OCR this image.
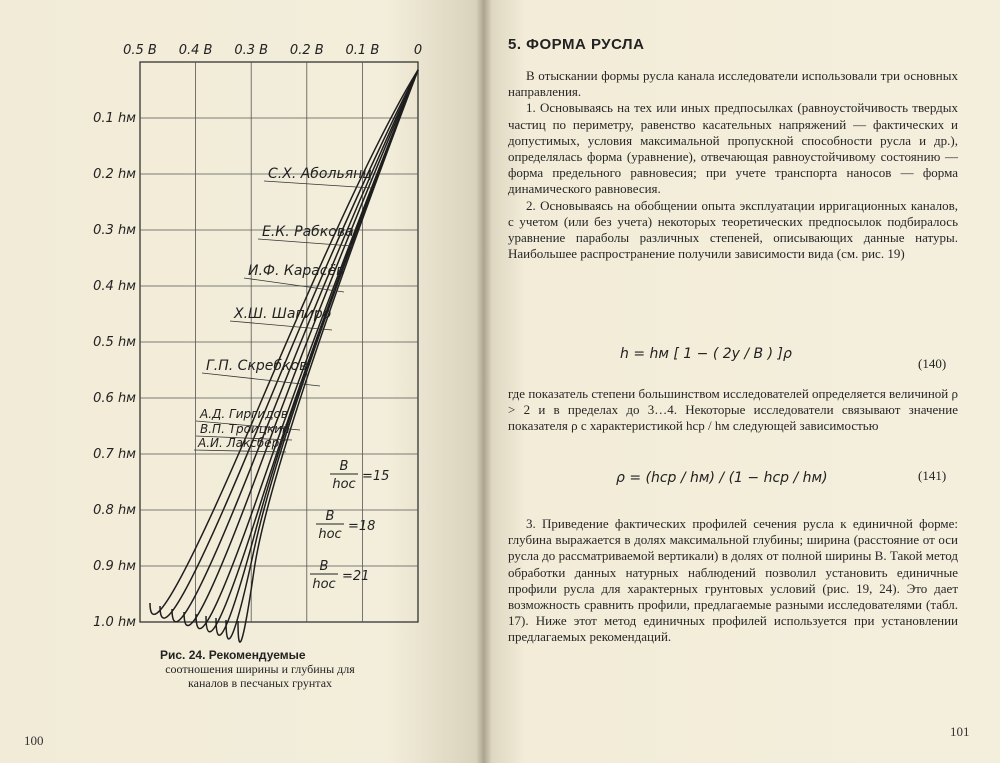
0.5 B 0.4 B 0.3 B 0.2 B 0.1 B	0
0.1 hм
0.2 hм
0.3 hм
0.4 hм
0.5 hм
0.6 hм
0.7 hм
0.8 hм
0.9 hм
1.0 hм
С.Х. Абольянц
Е.К. Рабкова
И.Ф. Карасёв
Х.Ш. Шапиро
Г.П. Скребков
А.Д. Гиргидов
В.П. Троицкий
А.И. Лаксберг
B
hос
=15
B
hос
=18
B
hос
=21
Рис. 24. Рекомендуемые
соотношения ширины и глубины для каналов в песчаных грунтах
100
5. ФОРМА РУСЛА

В отыскании формы русла канала исследователи использовали три основных направления.

1. Основываясь на тех или иных предпосылках (равноустойчивость твердых частиц по периметру, равенство касательных напряжений — фактических и допустимых, условия максимальной пропускной способности русла и др.), определялась форма (уравнение), отвечающая равноустойчивому состоянию — форма предельного равновесия; при учете транспорта наносов — форма динамического равновесия.

2. Основываясь на обобщении опыта эксплуатации ирригационных каналов, с учетом (или без учета) некоторых теоретических предпосылок подбиралось уравнение параболы различных степеней, описывающих данные натуры. Наибольшее распространение получили зависимости вида (см. рис. 19)

h = hм [ 1 − ( 2y / B ) ]ρ
(140)

где показатель степени большинством исследователей определяется величиной ρ > 2 и в пределах до 3…4. Некоторые исследователи связывают значение показателя ρ с характеристикой hср / hм следующей зависимостью

ρ = (hср / hм) / (1 − hср / hм)	(141)

3. Приведение фактических профилей сечения русла к единичной форме: глубина выражается в долях максимальной глубины; ширина (расстояние от оси русла до рассматриваемой вертикали) в долях от полной ширины B. Такой метод обработки данных натурных наблюдений позволил установить единичные профили русла для характерных грунтовых условий (рис. 19, 24). Это дает возможность сравнить профили, предлагаемые разными исследователями (табл. 17). Ниже этот метод единичных профилей используется при установлении предлагаемых рекомендаций.

101
